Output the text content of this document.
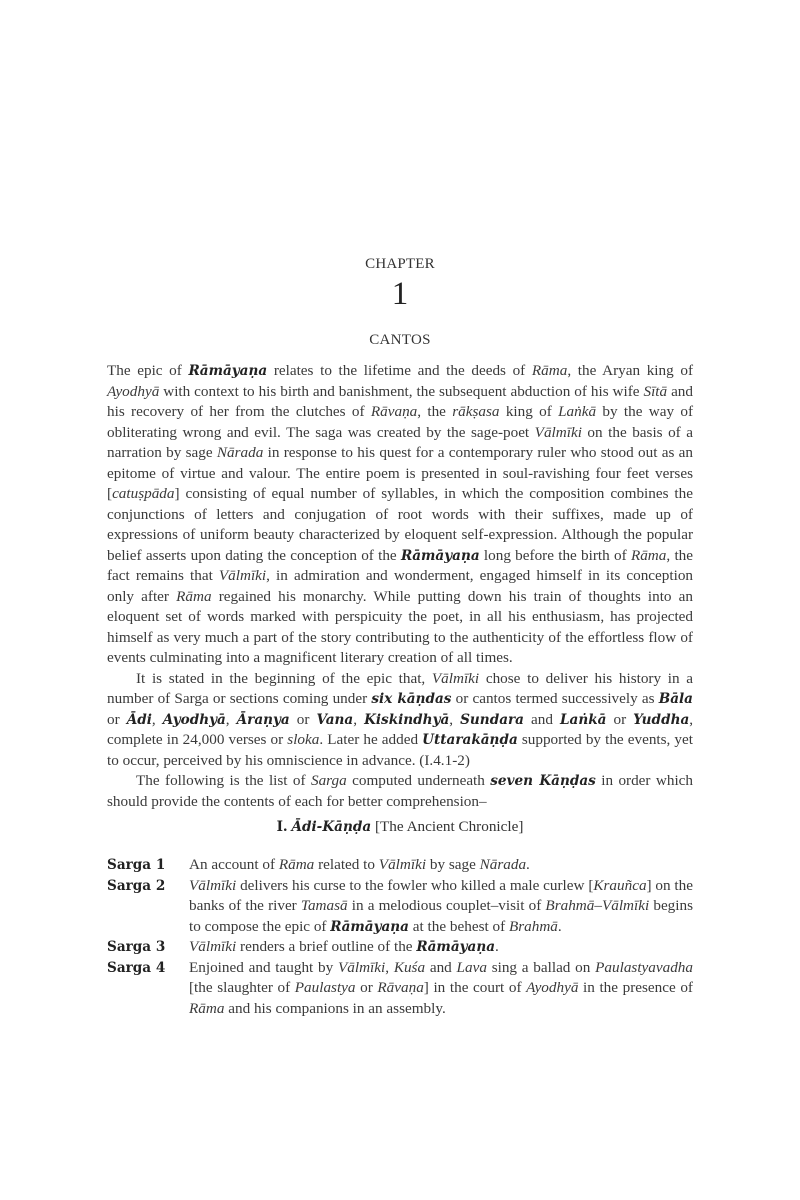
CHAPTER
1
CANTOS

The epic of Rāmāyaṇa relates to the lifetime and the deeds of Rāma, the Aryan king of Ayodhyā with context to his birth and banishment, the subsequent abduction of his wife Sītā and his recovery of her from the clutches of Rāvaṇa, the rākṣasa king of Laṅkā by the way of obliterating wrong and evil. The saga was created by the sage-poet Vālmīki on the basis of a narration by sage Nārada in response to his quest for a contemporary ruler who stood out as an epitome of virtue and valour. The entire poem is presented in soul-ravishing four feet verses [catuṣpāda] consisting of equal number of syllables, in which the composition combines the conjunctions of letters and conjugation of root words with their suffixes, made up of expressions of uniform beauty characterized by eloquent self-expression. Although the popular belief asserts upon dating the conception of the Rāmāyaṇa long before the birth of Rāma, the fact remains that Vālmīki, in admiration and wonderment, engaged himself in its conception only after Rāma regained his monarchy. While putting down his train of thoughts into an eloquent set of words marked with perspicuity the poet, in all his enthusiasm, has projected himself as very much a part of the story contributing to the authenticity of the effortless flow of events culminating into a magnificent literary creation of all times.

It is stated in the beginning of the epic that, Vālmīki chose to deliver his history in a number of Sarga or sections coming under six kāṇdas or cantos termed successively as Bāla or Ādi, Ayodhyā, Āraṇya or Vana, Kiskindhyā, Sundara and Laṅkā or Yuddha, complete in 24,000 verses or sloka. Later he added Uttarakāṇḍa supported by the events, yet to occur, perceived by his omniscience in advance. (I.4.1-2)

The following is the list of Sarga computed underneath seven Kāṇḍas in order which should provide the contents of each for better comprehension–

I. Ādi-Kāṇḍa [The Ancient Chronicle]
Sarga 1	An account of Rāma related to Vālmīki by sage Nārada.
Sarga 2	Vālmīki delivers his curse to the fowler who killed a male curlew [Krauñca] on the banks of the river Tamasā in a melodious couplet–visit of Brahmā–Vālmīki begins to compose the epic of Rāmāyaṇa at the behest of Brahmā.
Sarga 3	Vālmīki renders a brief outline of the Rāmāyaṇa.
Sarga 4	Enjoined and taught by Vālmīki, Kuśa and Lava sing a ballad on Paulastyavadha [the slaughter of Paulastya or Rāvaṇa] in the court of Ayodhyā in the presence of Rāma and his companions in an assembly.
